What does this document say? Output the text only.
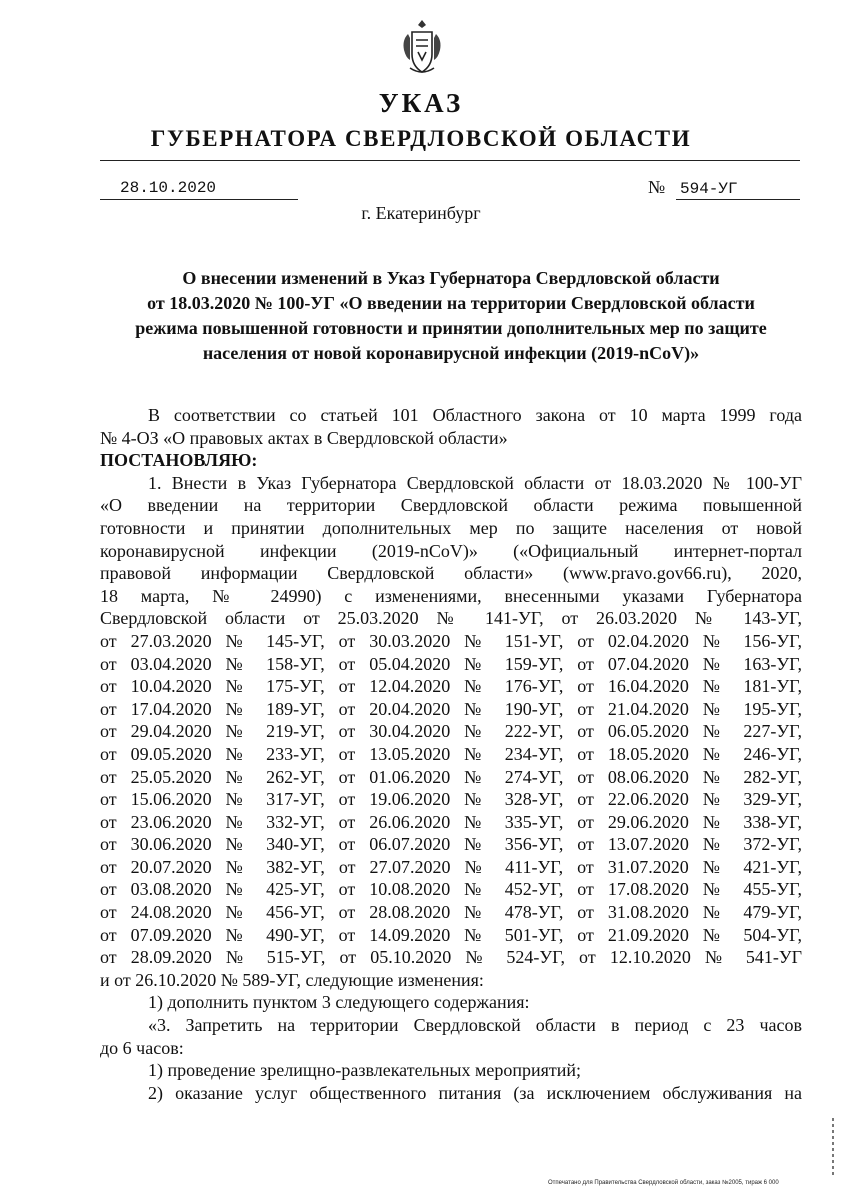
УКАЗ
ГУБЕРНАТОРА СВЕРДЛОВСКОЙ ОБЛАСТИ
28.10.2020	№ 594-УГ
г. Екатеринбург
О внесении изменений в Указ Губернатора Свердловской области
от 18.03.2020 № 100-УГ «О введении на территории Свердловской области
режима повышенной готовности и принятии дополнительных мер по защите
населения от новой коронавирусной инфекции (2019-nCoV)»
В соответствии со статьей 101 Областного закона от 10 марта 1999 года
№ 4-ОЗ «О правовых актах в Свердловской области»
ПОСТАНОВЛЯЮ:
1. Внести в Указ Губернатора Свердловской области от 18.03.2020 № 100-УГ
«О введении на территории Свердловской области режима повышенной
готовности и принятии дополнительных мер по защите населения от новой
коронавирусной инфекции (2019-nCoV)» («Официальный интернет-портал
правовой информации Свердловской области» (www.pravo.gov66.ru), 2020,
18 марта, № 24990) с изменениями, внесенными указами Губернатора
Свердловской области от 25.03.2020 № 141-УГ, от 26.03.2020 № 143-УГ,
от 27.03.2020 № 145-УГ, от 30.03.2020 № 151-УГ, от 02.04.2020 № 156-УГ,
от 03.04.2020 № 158-УГ, от 05.04.2020 № 159-УГ, от 07.04.2020 № 163-УГ,
от 10.04.2020 № 175-УГ, от 12.04.2020 № 176-УГ, от 16.04.2020 № 181-УГ,
от 17.04.2020 № 189-УГ, от 20.04.2020 № 190-УГ, от 21.04.2020 № 195-УГ,
от 29.04.2020 № 219-УГ, от 30.04.2020 № 222-УГ, от 06.05.2020 № 227-УГ,
от 09.05.2020 № 233-УГ, от 13.05.2020 № 234-УГ, от 18.05.2020 № 246-УГ,
от 25.05.2020 № 262-УГ, от 01.06.2020 № 274-УГ, от 08.06.2020 № 282-УГ,
от 15.06.2020 № 317-УГ, от 19.06.2020 № 328-УГ, от 22.06.2020 № 329-УГ,
от 23.06.2020 № 332-УГ, от 26.06.2020 № 335-УГ, от 29.06.2020 № 338-УГ,
от 30.06.2020 № 340-УГ, от 06.07.2020 № 356-УГ, от 13.07.2020 № 372-УГ,
от 20.07.2020 № 382-УГ, от 27.07.2020 № 411-УГ, от 31.07.2020 № 421-УГ,
от 03.08.2020 № 425-УГ, от 10.08.2020 № 452-УГ, от 17.08.2020 № 455-УГ,
от 24.08.2020 № 456-УГ, от 28.08.2020 № 478-УГ, от 31.08.2020 № 479-УГ,
от 07.09.2020 № 490-УГ, от 14.09.2020 № 501-УГ, от 21.09.2020 № 504-УГ,
от 28.09.2020 № 515-УГ, от 05.10.2020 № 524-УГ, от 12.10.2020 № 541-УГ
и от 26.10.2020 № 589-УГ, следующие изменения:
1) дополнить пунктом 3 следующего содержания:
«3. Запретить на территории Свердловской области в период с 23 часов
до 6 часов:
1) проведение зрелищно-развлекательных мероприятий;
2) оказание услуг общественного питания (за исключением обслуживания на
Отпечатано для Правительства Свердловской области, заказ №2005, тираж 6 000
